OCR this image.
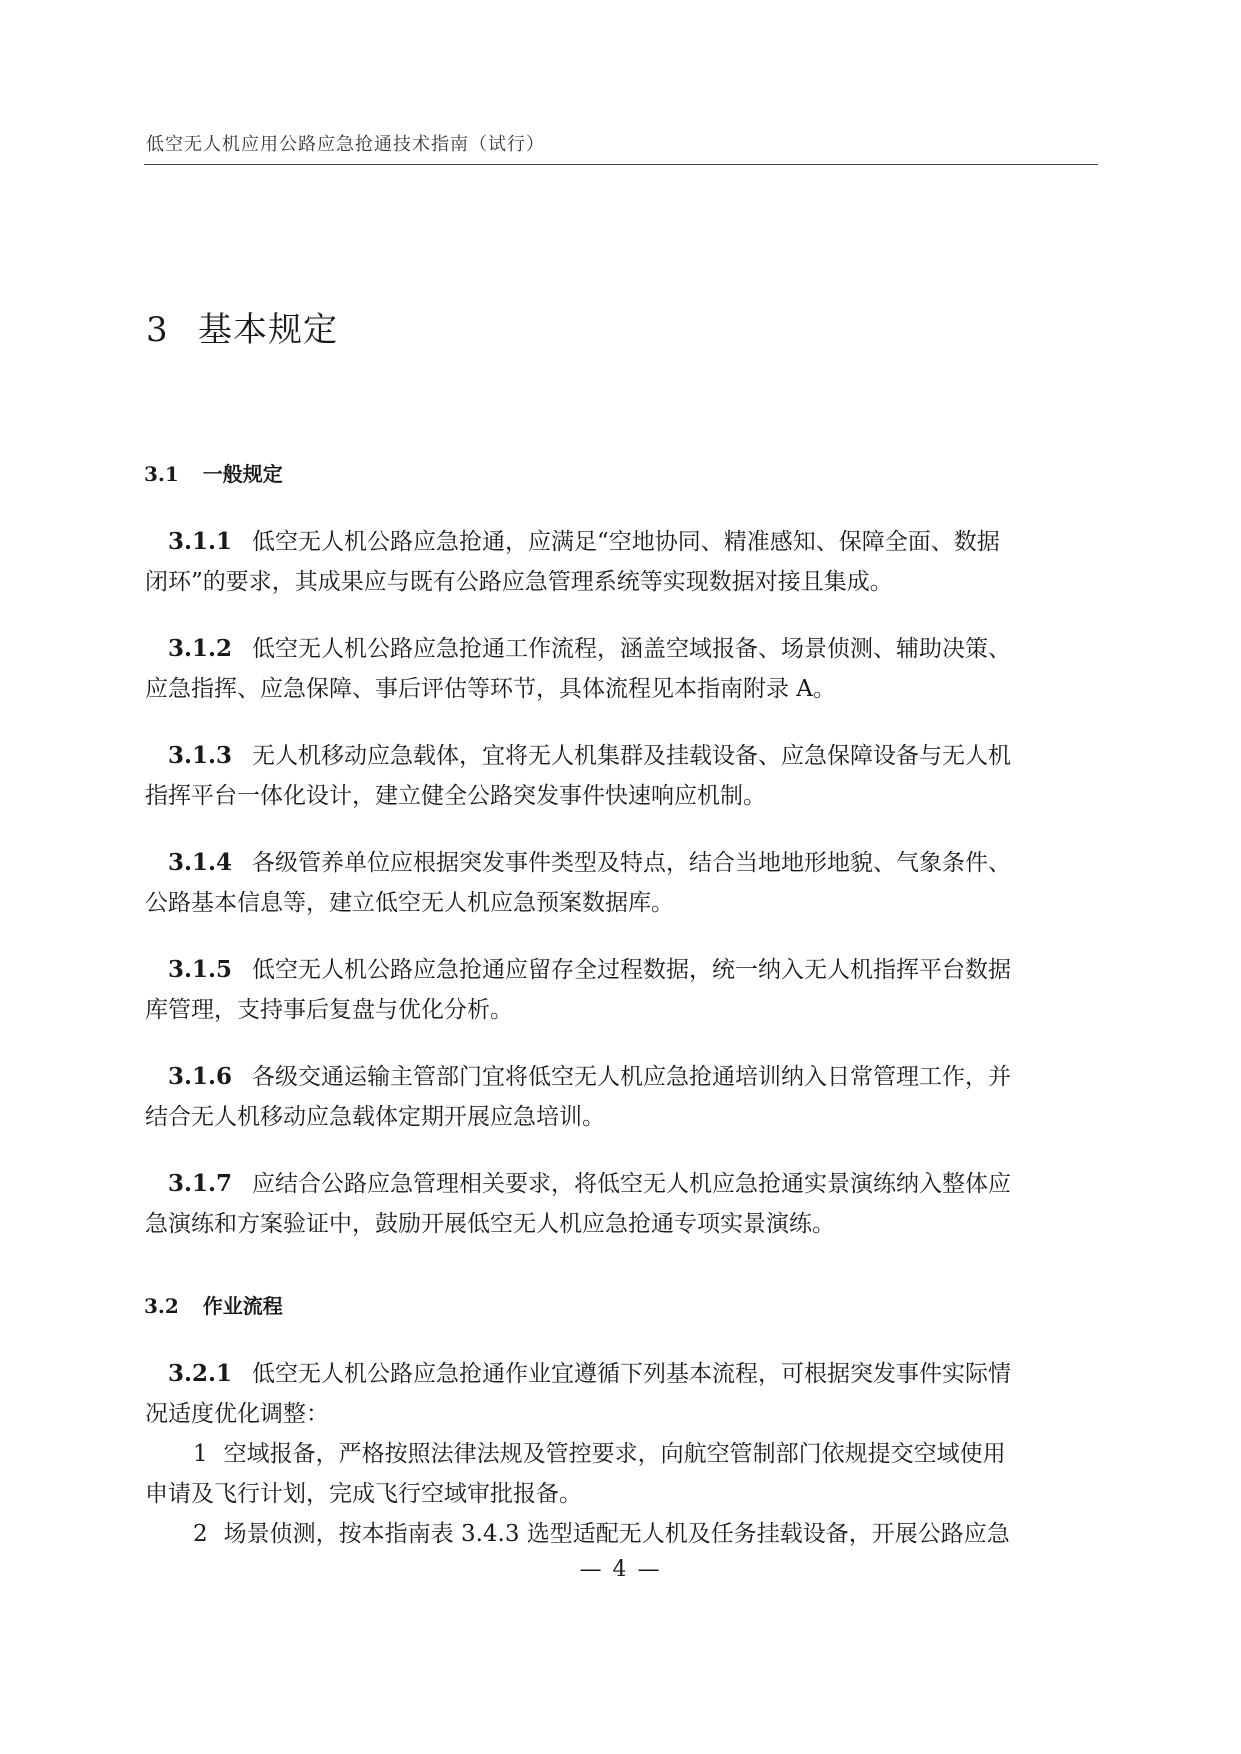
低空无人机应用公路应急抢通技术指南（试行）
3 基本规定
3.1 一般规定
3.1.1 低空无人机公路应急抢通，应满足“空地协同、精准感知、保障全面、数据
闭环”的要求，其成果应与既有公路应急管理系统等实现数据对接且集成。
3.1.2 低空无人机公路应急抢通工作流程，涵盖空域报备、场景侦测、辅助决策、
应急指挥、应急保障、事后评估等环节，具体流程见本指南附录 A。
3.1.3 无人机移动应急载体，宜将无人机集群及挂载设备、应急保障设备与无人机
指挥平台一体化设计，建立健全公路突发事件快速响应机制。
3.1.4 各级管养单位应根据突发事件类型及特点，结合当地地形地貌、气象条件、
公路基本信息等，建立低空无人机应急预案数据库。
3.1.5 低空无人机公路应急抢通应留存全过程数据，统一纳入无人机指挥平台数据
库管理，支持事后复盘与优化分析。
3.1.6 各级交通运输主管部门宜将低空无人机应急抢通培训纳入日常管理工作，并
结合无人机移动应急载体定期开展应急培训。
3.1.7 应结合公路应急管理相关要求，将低空无人机应急抢通实景演练纳入整体应
急演练和方案验证中，鼓励开展低空无人机应急抢通专项实景演练。
3.2 作业流程
3.2.1 低空无人机公路应急抢通作业宜遵循下列基本流程，可根据突发事件实际情
况适度优化调整：
1 空域报备，严格按照法律法规及管控要求，向航空管制部门依规提交空域使用
申请及飞行计划，完成飞行空域审批报备。
2 场景侦测，按本指南表 3.4.3 选型适配无人机及任务挂载设备，开展公路应急
— 4 —
